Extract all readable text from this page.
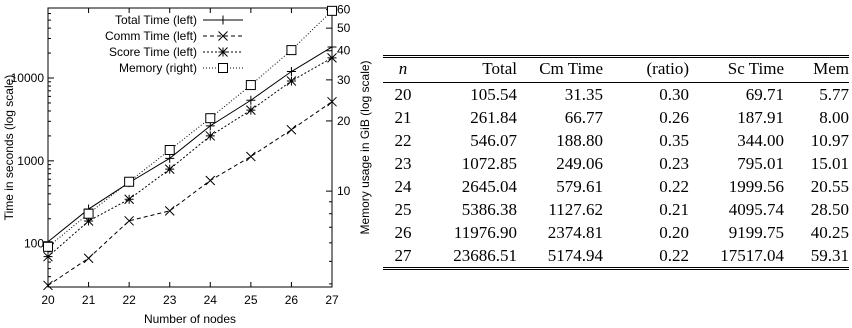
20 21 22 23 24 25 26 27
100
1000
10000
10
20
30
40
50
60
Number of nodes
Time in seconds (log scale)	Memory usage in GiB (log scale)
Total Time (left)
Comm Time (left)
Score Time (left)
Memory (right)	n	Total	Cm Time	(ratio)	Sc Time	Mem
20	105.54	31.35	0.30	69.71	5.77
21	261.84	66.77	0.26	187.91	8.00
22	546.07	188.80	0.35	344.00	10.97
23	1072.85	249.06	0.23	795.01	15.01
24	2645.04	579.61	0.22	1999.56	20.55
25	5386.38	1127.62	0.21	4095.74	28.50
26	11976.90	2374.81	0.20	9199.75	40.25
27	23686.51	5174.94	0.22	17517.04	59.31
